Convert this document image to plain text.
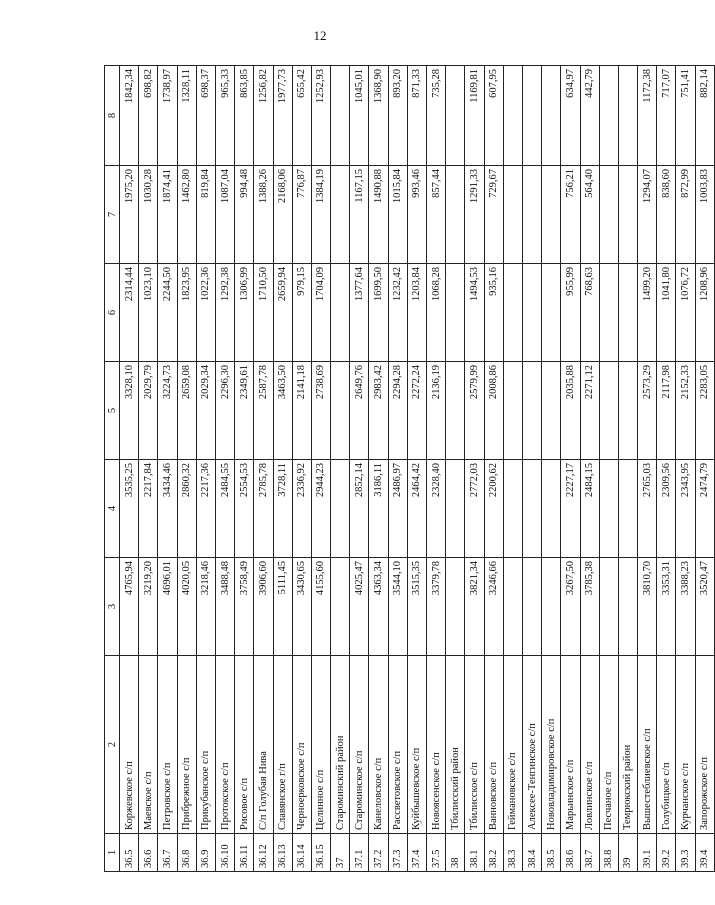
12
1	2	3	4	5	6	7	8
36.5	Коржевское с/п	4765,94	3535,25	3328,10	2314,44	1975,20	1842,34
36.6	Маевское с/п	3219,20	2217,84	2029,79	1023,10	1030,28	698,82
36.7	Петровское с/п	4696,01	3434,46	3224,73	2244,50	1874,41	1738,97
36.8	Прибрежное с/п	4020,05	2860,32	2659,08	1823,95	1462,80	1328,11
36.9	Прикубанское с/п	3218,46	2217,36	2029,34	1022,36	819,84	698,37
36.10	Протокское с/п	3488,48	2484,55	2296,30	1292,38	1087,04	965,33
36.11	Рисовое с/п	3758,49	2554,53	2349,61	1306,99	994,48	863,85
36.12	С/п Голубая Нива	3906,60	2785,78	2587,78	1710,50	1388,26	1256,82
36.13	Славянское г/п	5111,45	3728,11	3463,50	2659,94	2168,06	1977,73
36.14	Черноерковское с/п	3430,65	2336,92	2141,18	979,15	776,87	655,42
36.15	Целинное с/п	4155,60	2944,23	2738,69	1704,09	1384,19	1252,93
37	Староминский район						
37.1	Староминское с/п	4025,47	2852,14	2649,76	1377,64	1167,15	1045,01
37.2	Канеловское с/п	4363,34	3186,11	2983,42	1699,50	1490,88	1368,90
37.3	Рассветовское с/п	3544,10	2486,97	2294,28	1232,42	1015,84	893,20
37.4	Куйбышевское с/п	3515,35	2464,42	2272,24	1203,84	993,46	871,33
37.5	Новоясенское с/п	3379,78	2328,40	2136,19	1068,28	857,44	735,28
38	Тбилисский район						
38.1	Тбилисское с/п	3821,34	2772,03	2579,99	1494,53	1291,33	1169,81
38.2	Ванновское с/п	3246,66	2200,62	2008,86	935,16	729,67	607,95
38.3	Геймановское с/п						
38.4	Алексее-Тенгинское с/п						
38.5	Нововладимировское с/п						
38.6	Марьинское с/п	3267,50	2227,17	2035,88	955,99	756,21	634,97
38.7	Ловлинское с/п	3785,38	2484,15	2271,12	768,63	564,40	442,79
38.8	Песчаное с/п						
39	Темрюкский район						
39.1	Вышестеблиевское с/п	3810,70	2765,03	2573,29	1499,20	1294,07	1172,38
39.2	Голубицкое с/п	3353,31	2309,56	2117,98	1041,80	838,60	717,07
39.3	Курчанское с/п	3388,23	2343,95	2152,33	1076,72	872,99	751,41
39.4	Запорожское с/п	3520,47	2474,79	2283,05	1208,96	1003,83	882,14
